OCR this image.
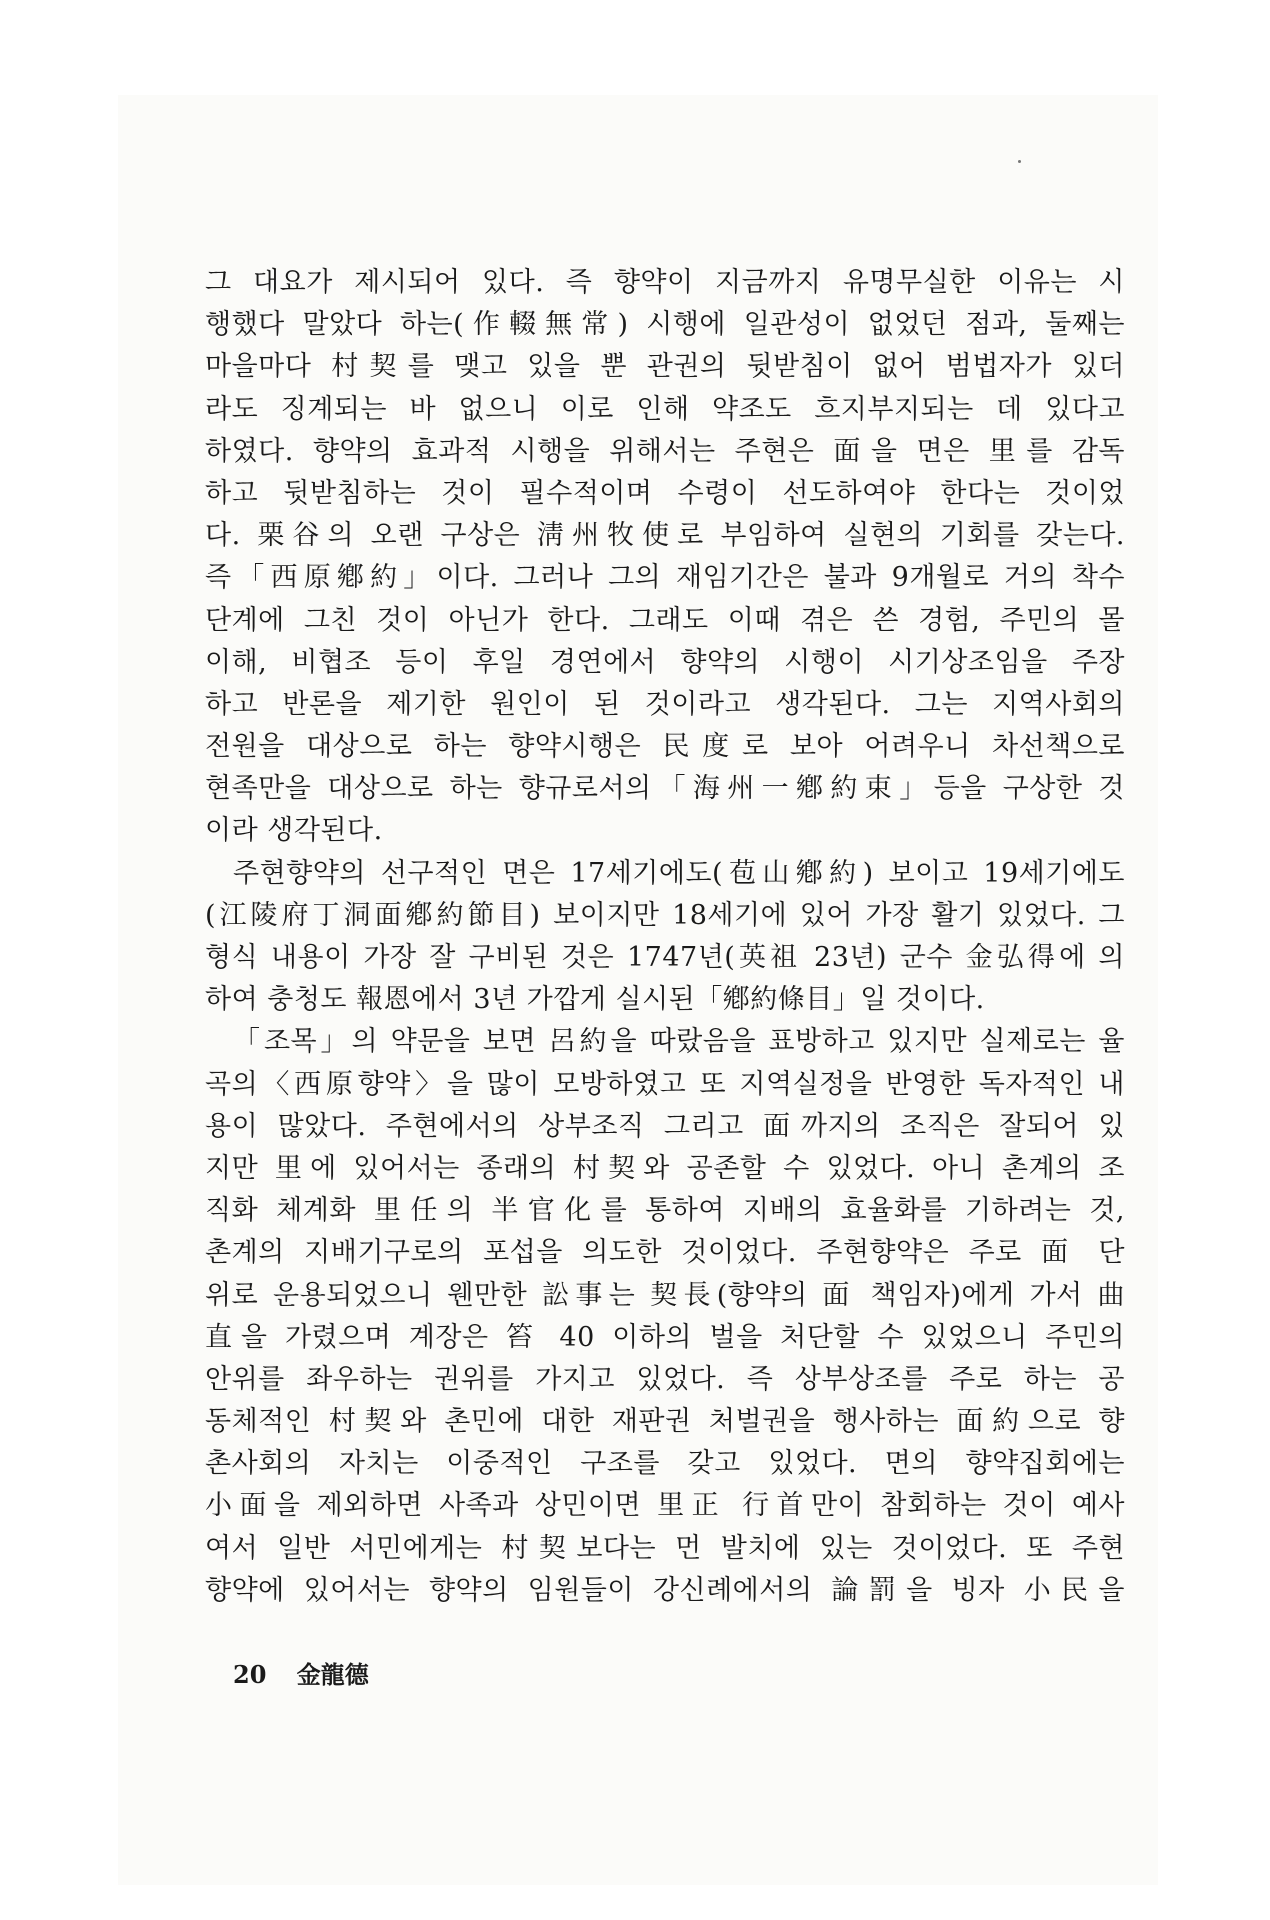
그 대요가 제시되어 있다. 즉 향약이 지금까지 유명무실한 이유는 시
행했다 말았다 하는(作輟無常) 시행에 일관성이 없었던 점과, 둘째는
마을마다 村契를 맺고 있을 뿐 관권의 뒷받침이 없어 범법자가 있더
라도 징계되는 바 없으니 이로 인해 약조도 흐지부지되는 데 있다고
하였다. 향약의 효과적 시행을 위해서는 주현은 面을 면은 里를 감독
하고 뒷받침하는 것이 필수적이며 수령이 선도하여야 한다는 것이었
다. 栗谷의 오랜 구상은 淸州牧使로 부임하여 실현의 기회를 갖는다.
즉「西原鄕約」이다. 그러나 그의 재임기간은 불과 9개월로 거의 착수
단계에 그친 것이 아닌가 한다. 그래도 이때 겪은 쓴 경험, 주민의 몰
이해, 비협조 등이 후일 경연에서 향약의 시행이 시기상조임을 주장
하고 반론을 제기한 원인이 된 것이라고 생각된다. 그는 지역사회의
전원을 대상으로 하는 향약시행은 民度로 보아 어려우니 차선책으로
현족만을 대상으로 하는 향규로서의「海州一鄕約束」등을 구상한 것
이라 생각된다.
주현향약의 선구적인 면은 17세기에도(苞山鄕約) 보이고 19세기에도
(江陵府丁洞面鄕約節目) 보이지만 18세기에 있어 가장 활기 있었다. 그
형식 내용이 가장 잘 구비된 것은 1747년(英祖 23년) 군수 金弘得에 의
하여 충청도 報恩에서 3년 가깝게 실시된「鄕約條目」일 것이다.
「조목」의 약문을 보면 呂約을 따랐음을 표방하고 있지만 실제로는 율
곡의〈西原향약〉을 많이 모방하였고 또 지역실정을 반영한 독자적인 내
용이 많았다. 주현에서의 상부조직 그리고 面까지의 조직은 잘되어 있
지만 里에 있어서는 종래의 村契와 공존할 수 있었다. 아니 촌계의 조
직화 체계화 里任의 半官化를 통하여 지배의 효율화를 기하려는 것,
촌계의 지배기구로의 포섭을 의도한 것이었다. 주현향약은 주로 面 단
위로 운용되었으니 웬만한 訟事는 契長(향약의 面 책임자)에게 가서 曲
直을 가렸으며 계장은 笞 40 이하의 벌을 처단할 수 있었으니 주민의
안위를 좌우하는 권위를 가지고 있었다. 즉 상부상조를 주로 하는 공
동체적인 村契와 촌민에 대한 재판권 처벌권을 행사하는 面約으로 향
촌사회의 자치는 이중적인 구조를 갖고 있었다. 면의 향약집회에는
小面을 제외하면 사족과 상민이면 里正 行首만이 참회하는 것이 예사
여서 일반 서민에게는 村契보다는 먼 발치에 있는 것이었다. 또 주현
향약에 있어서는 향약의 임원들이 강신례에서의 論罰을 빙자 小民을
20 金龍德
